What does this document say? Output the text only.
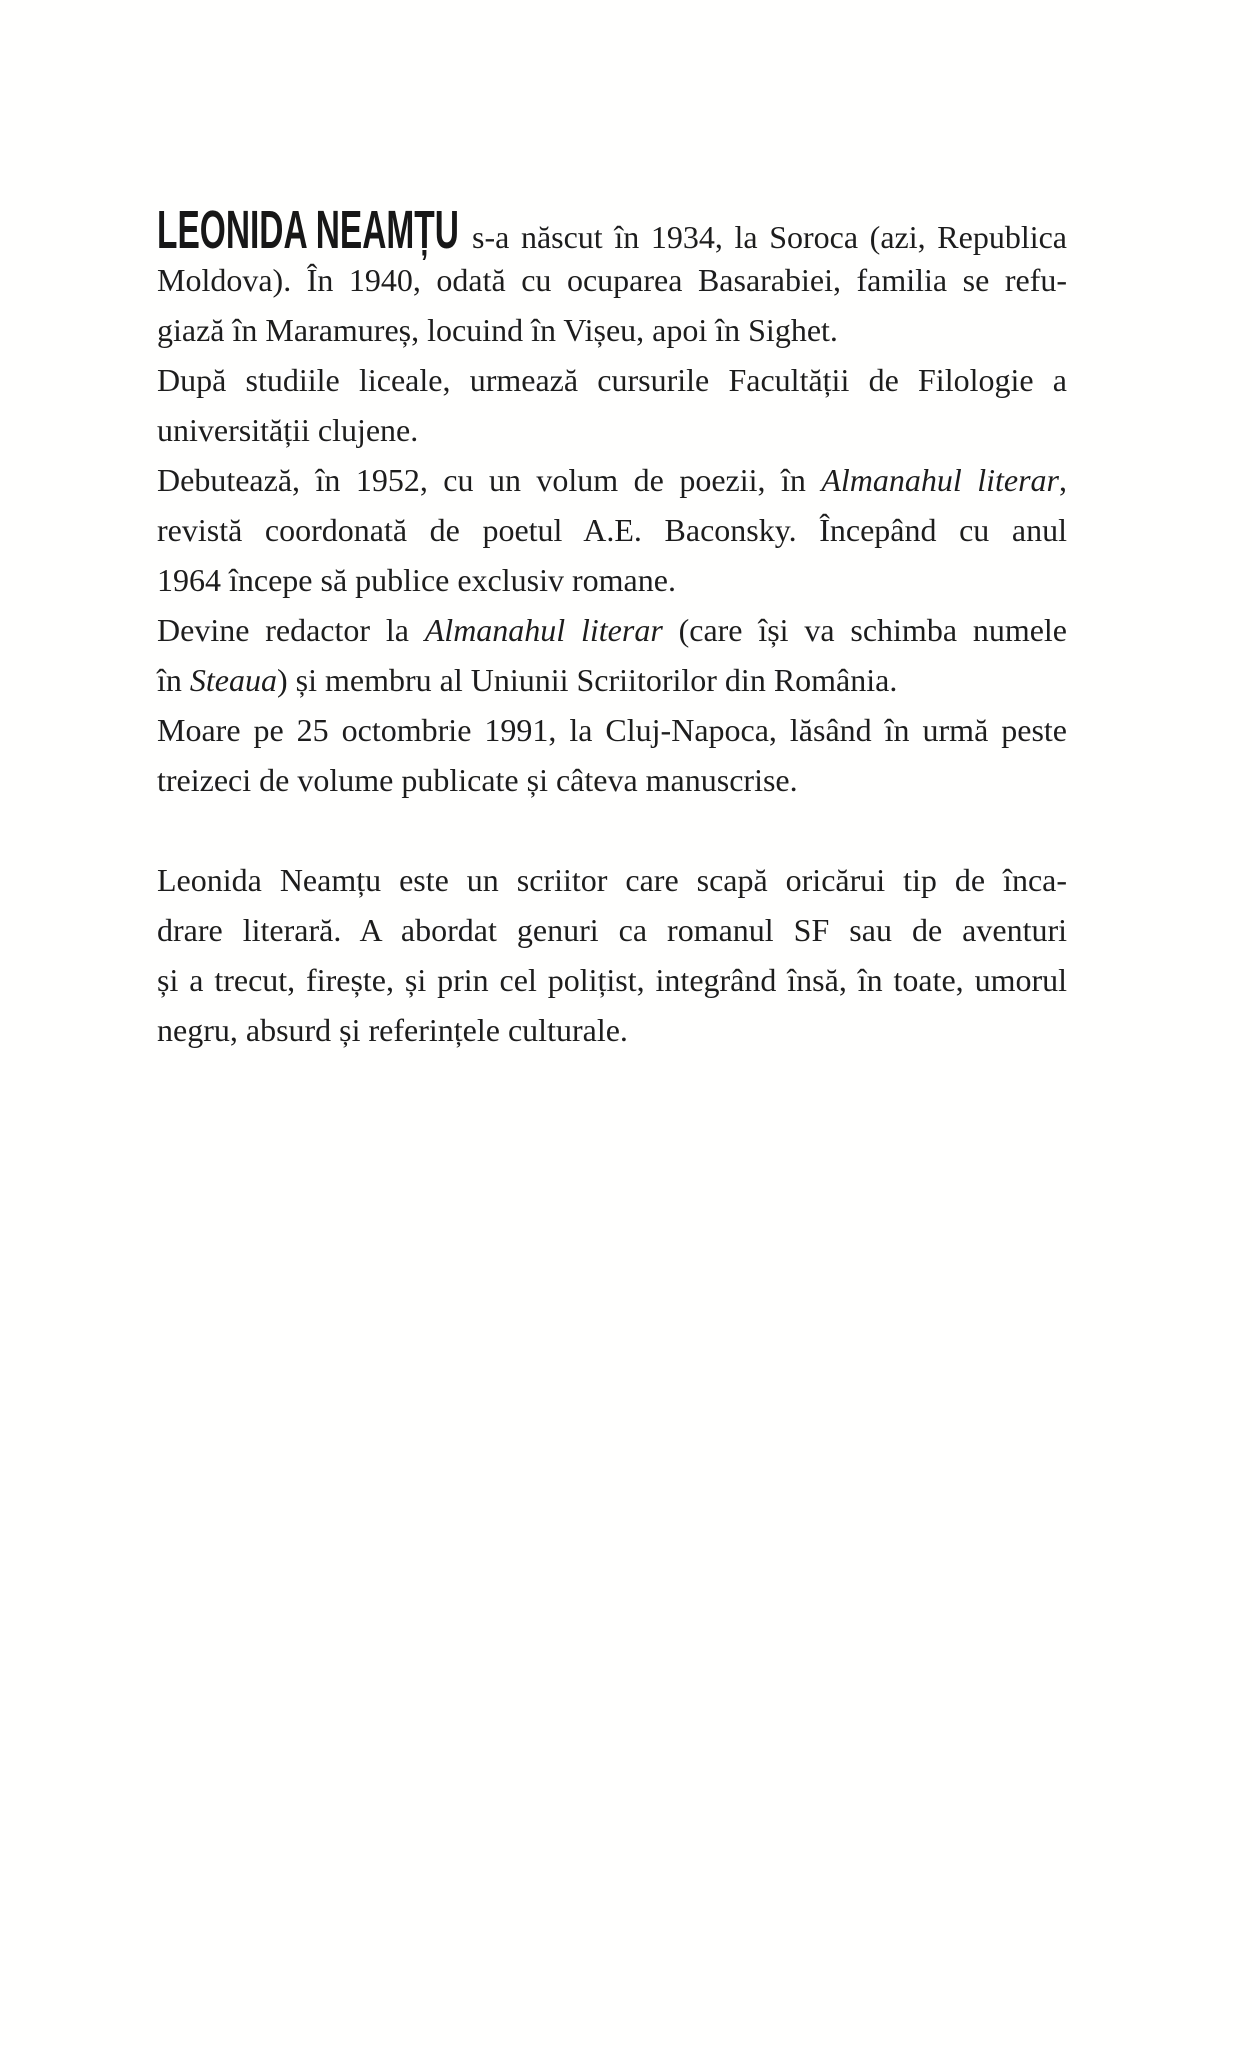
LEONIDA NEAMȚU s-a născut în 1934, la Soroca (azi, Republica
Moldova). În 1940, odată cu ocuparea Basarabiei, familia se refu-
giază în Maramureș, locuind în Vișeu, apoi în Sighet.
După studiile liceale, urmează cursurile Facultății de Filologie a
universității clujene.
Debutează, în 1952, cu un volum de poezii, în Almanahul literar,
revistă coordonată de poetul A.E. Baconsky. Începând cu anul
1964 începe să publice exclusiv romane.
Devine redactor la Almanahul literar (care își va schimba numele
în Steaua) și membru al Uniunii Scriitorilor din România.
Moare pe 25 octombrie 1991, la Cluj-Napoca, lăsând în urmă peste
treizeci de volume publicate și câteva manuscrise.
Leonida Neamțu este un scriitor care scapă oricărui tip de înca-
drare literară. A abordat genuri ca romanul SF sau de aventuri
și a trecut, firește, și prin cel polițist, integrând însă, în toate, umorul
negru, absurd și referințele culturale.
